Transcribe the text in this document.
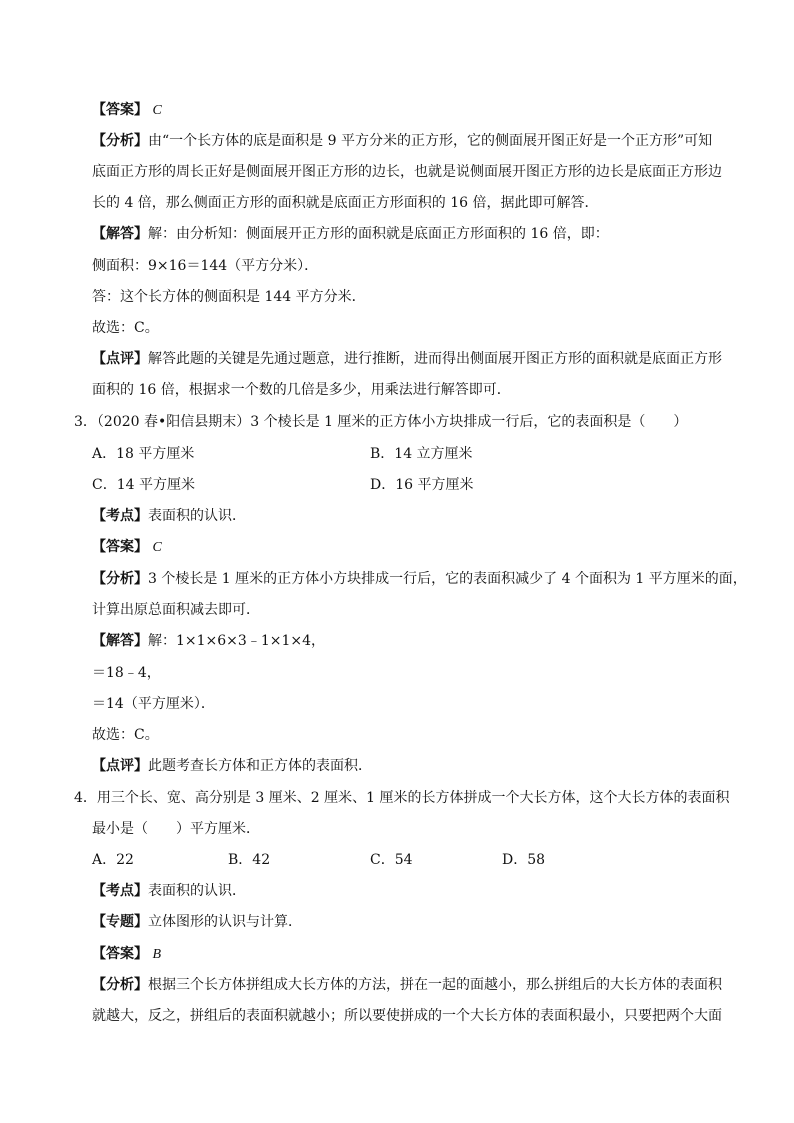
【答案】 C
【分析】由“一个长方体的底是面积是 9 平方分米的正方形，它的侧面展开图正好是一个正方形”可知
底面正方形的周长正好是侧面展开图正方形的边长，也就是说侧面展开图正方形的边长是底面正方形边
长的 4 倍，那么侧面正方形的面积就是底面正方形面积的 16 倍，据此即可解答．
【解答】解：由分析知：侧面展开正方形的面积就是底面正方形面积的 16 倍，即：
侧面积：9×16＝144（平方分米）．
答：这个长方体的侧面积是 144 平方分米．
故选：C。
【点评】解答此题的关键是先通过题意，进行推断，进而得出侧面展开图正方形的面积就是底面正方形
面积的 16 倍，根据求一个数的几倍是多少，用乘法进行解答即可．
3．（2020 春•阳信县期末）3 个棱长是 1 厘米的正方体小方块排成一行后，它的表面积是（　　）
A．18 平方厘米	B．14 立方厘米
C．14 平方厘米	D．16 平方厘米
【考点】表面积的认识．
【答案】 C
【分析】3 个棱长是 1 厘米的正方体小方块排成一行后，它的表面积减少了 4 个面积为 1 平方厘米的面，
计算出原总面积减去即可．
【解答】解：1×1×6×3﹣1×1×4，
＝18﹣4，
＝14（平方厘米）．
故选：C。
【点评】此题考查长方体和正方体的表面积．
4．用三个长、宽、高分别是 3 厘米、2 厘米、1 厘米的长方体拼成一个大长方体，这个大长方体的表面积
最小是（　　）平方厘米．
A．22	B．42	C．54	D．58
【考点】表面积的认识．
【专题】立体图形的认识与计算．
【答案】 B
【分析】根据三个长方体拼组成大长方体的方法，拼在一起的面越小，那么拼组后的大长方体的表面积
就越大，反之，拼组后的表面积就越小；所以要使拼成的一个大长方体的表面积最小，只要把两个大面
